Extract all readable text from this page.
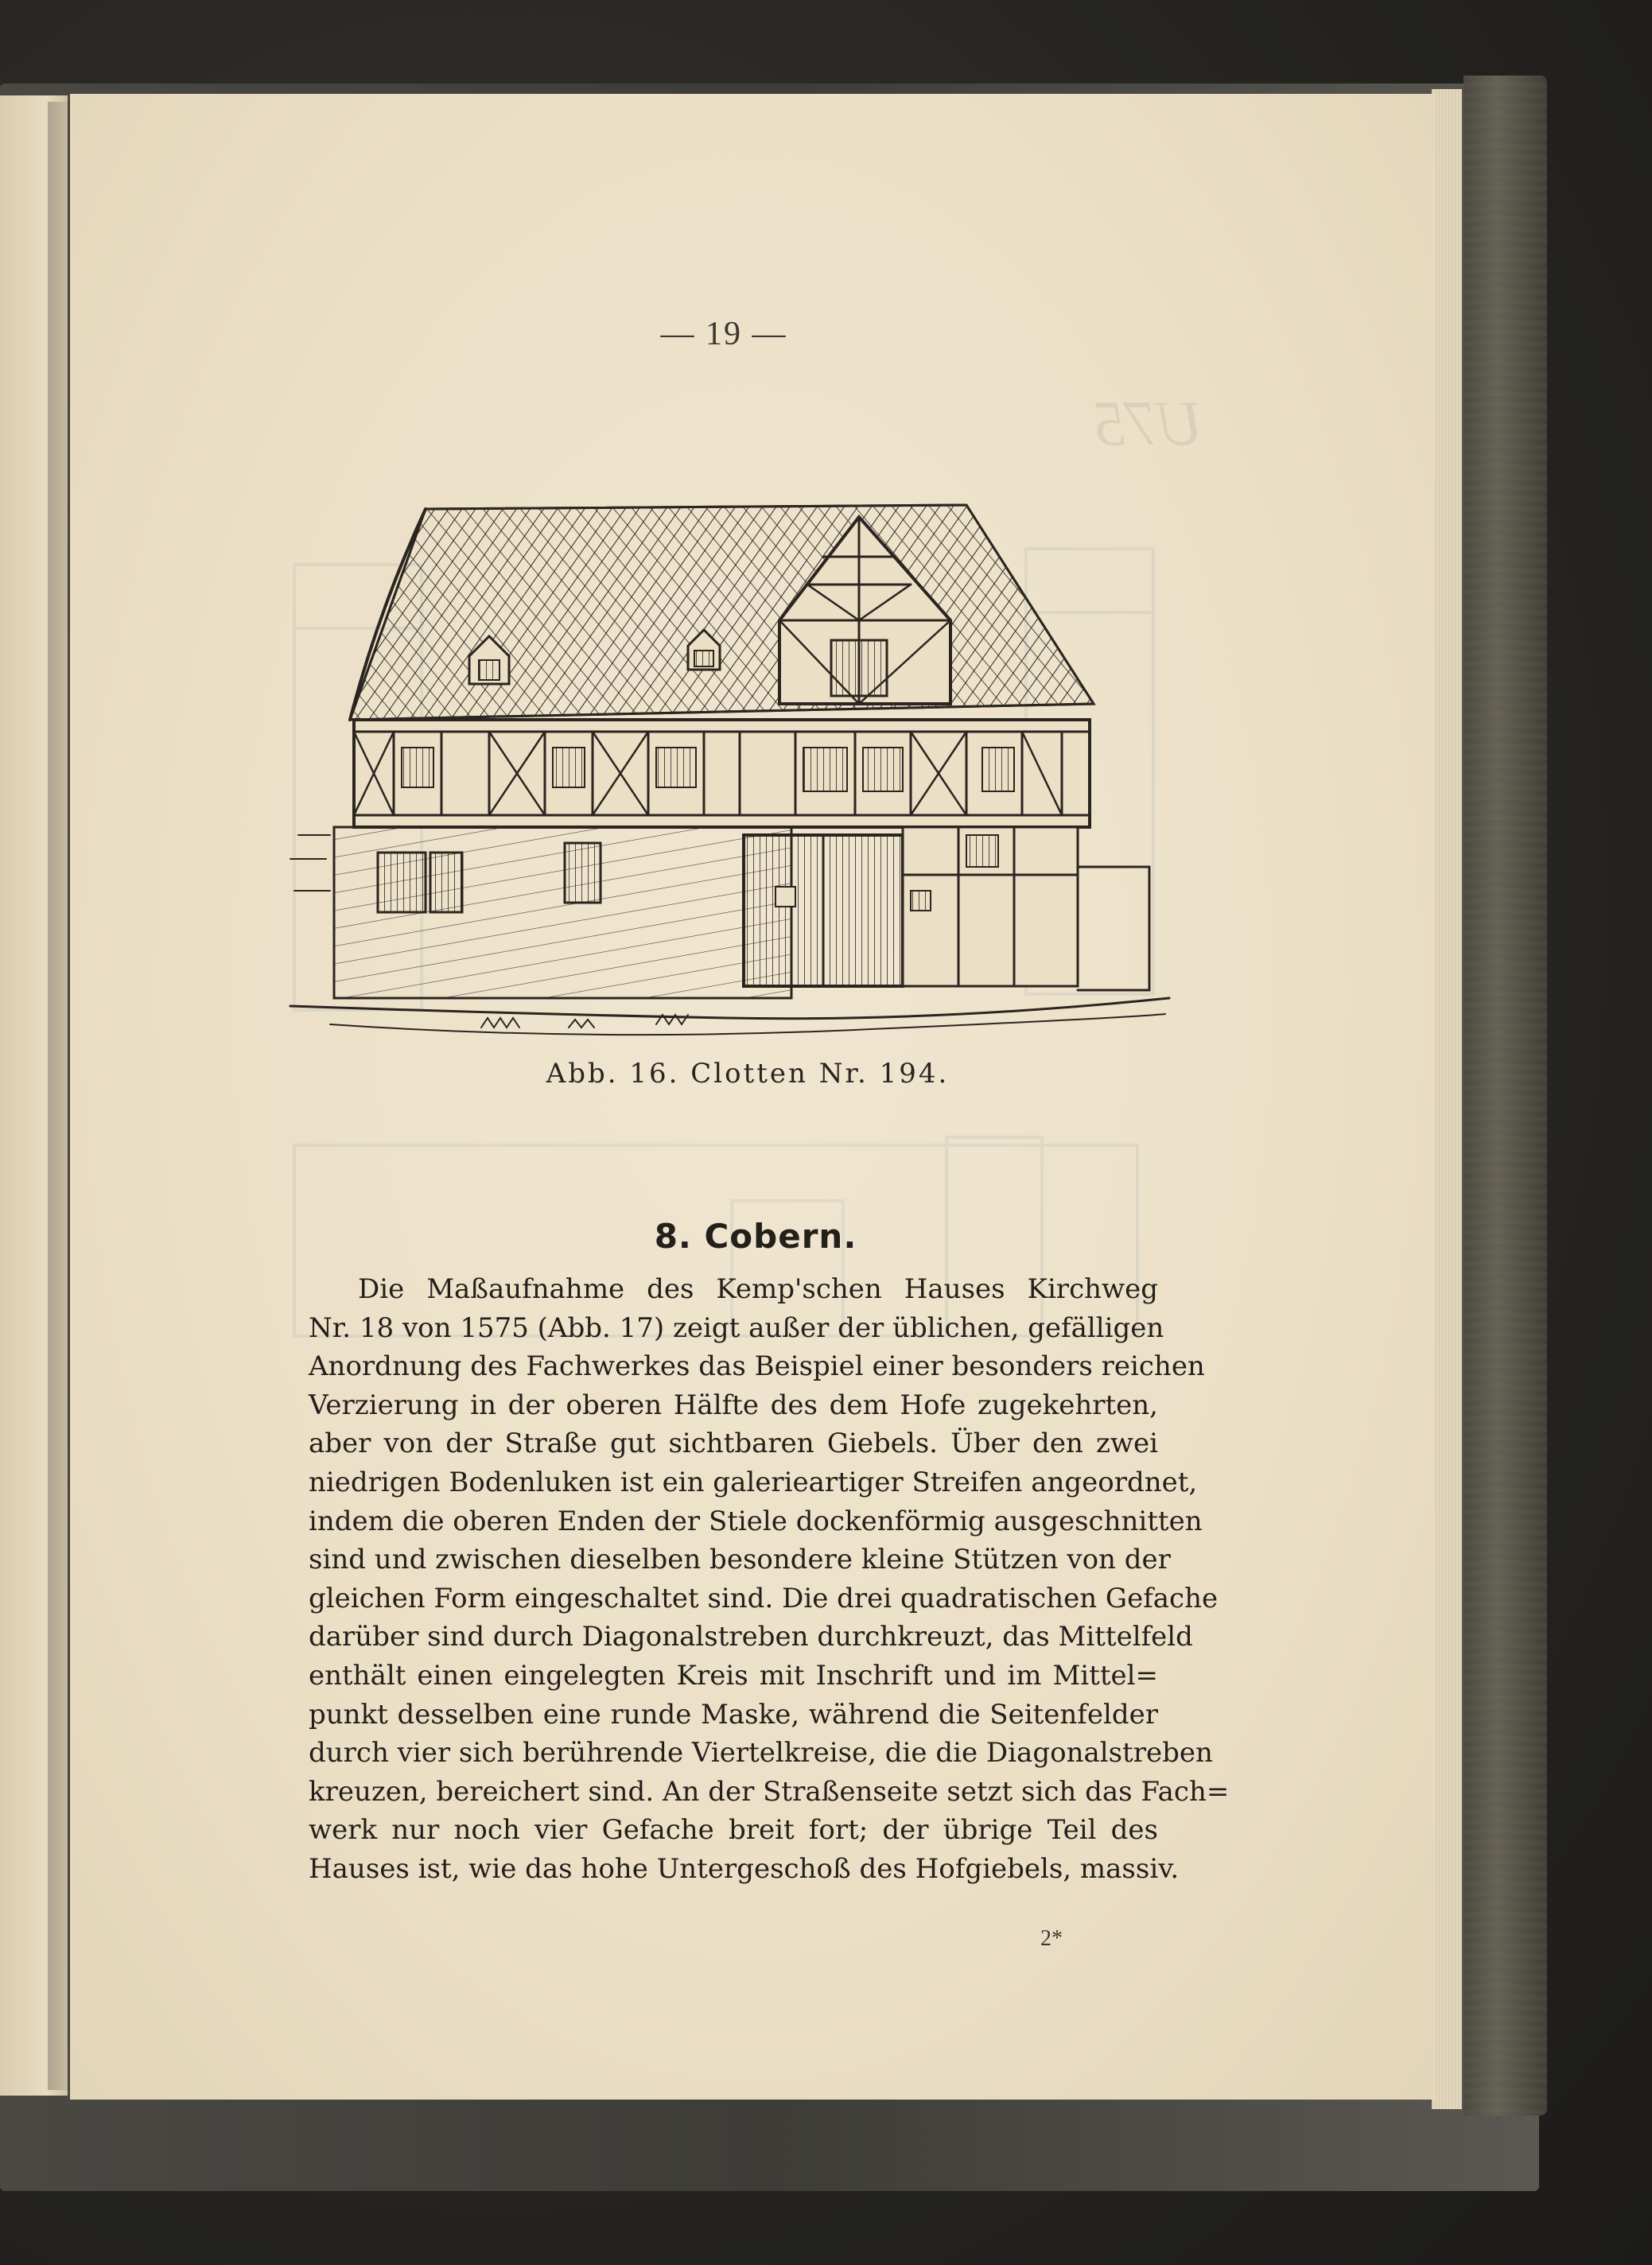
— 19 —
U75
Abb. 16. Clotten Nr. 194.
8. Cobern.
Die Maßaufnahme des Kemp'schen Hauses Kirchweg
Nr. 18 von 1575 (Abb. 17) zeigt außer der üblichen, gefälligen
Anordnung des Fachwerkes das Beispiel einer besonders reichen
Verzierung in der oberen Hälfte des dem Hofe zugekehrten,
aber von der Straße gut sichtbaren Giebels. Über den zwei
niedrigen Bodenluken ist ein galerieartiger Streifen angeordnet,
indem die oberen Enden der Stiele dockenförmig ausgeschnitten
sind und zwischen dieselben besondere kleine Stützen von der
gleichen Form eingeschaltet sind. Die drei quadratischen Gefache
darüber sind durch Diagonalstreben durchkreuzt, das Mittelfeld
enthält einen eingelegten Kreis mit Inschrift und im Mittel=
punkt desselben eine runde Maske, während die Seitenfelder
durch vier sich berührende Viertelkreise, die die Diagonalstreben
kreuzen, bereichert sind. An der Straßenseite setzt sich das Fach=
werk nur noch vier Gefache breit fort; der übrige Teil des
Hauses ist, wie das hohe Untergeschoß des Hofgiebels, massiv.
2*
